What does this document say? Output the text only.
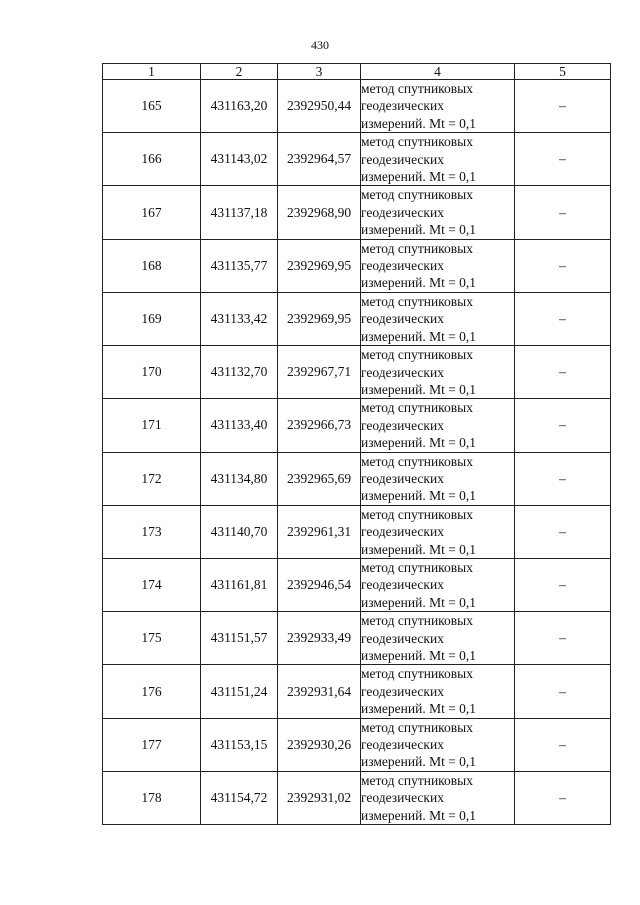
430
1	2	3	4	5
165	431163,20	2392950,44	метод спутниковых геодезических измерений. Mt = 0,1	–
166	431143,02	2392964,57	метод спутниковых геодезических измерений. Mt = 0,1	–
167	431137,18	2392968,90	метод спутниковых геодезических измерений. Mt = 0,1	–
168	431135,77	2392969,95	метод спутниковых геодезических измерений. Mt = 0,1	–
169	431133,42	2392969,95	метод спутниковых геодезических измерений. Mt = 0,1	–
170	431132,70	2392967,71	метод спутниковых геодезических измерений. Mt = 0,1	–
171	431133,40	2392966,73	метод спутниковых геодезических измерений. Mt = 0,1	–
172	431134,80	2392965,69	метод спутниковых геодезических измерений. Mt = 0,1	–
173	431140,70	2392961,31	метод спутниковых геодезических измерений. Mt = 0,1	–
174	431161,81	2392946,54	метод спутниковых геодезических измерений. Mt = 0,1	–
175	431151,57	2392933,49	метод спутниковых геодезических измерений. Mt = 0,1	–
176	431151,24	2392931,64	метод спутниковых геодезических измерений. Mt = 0,1	–
177	431153,15	2392930,26	метод спутниковых геодезических измерений. Mt = 0,1	–
178	431154,72	2392931,02	метод спутниковых геодезических измерений. Mt = 0,1	–
